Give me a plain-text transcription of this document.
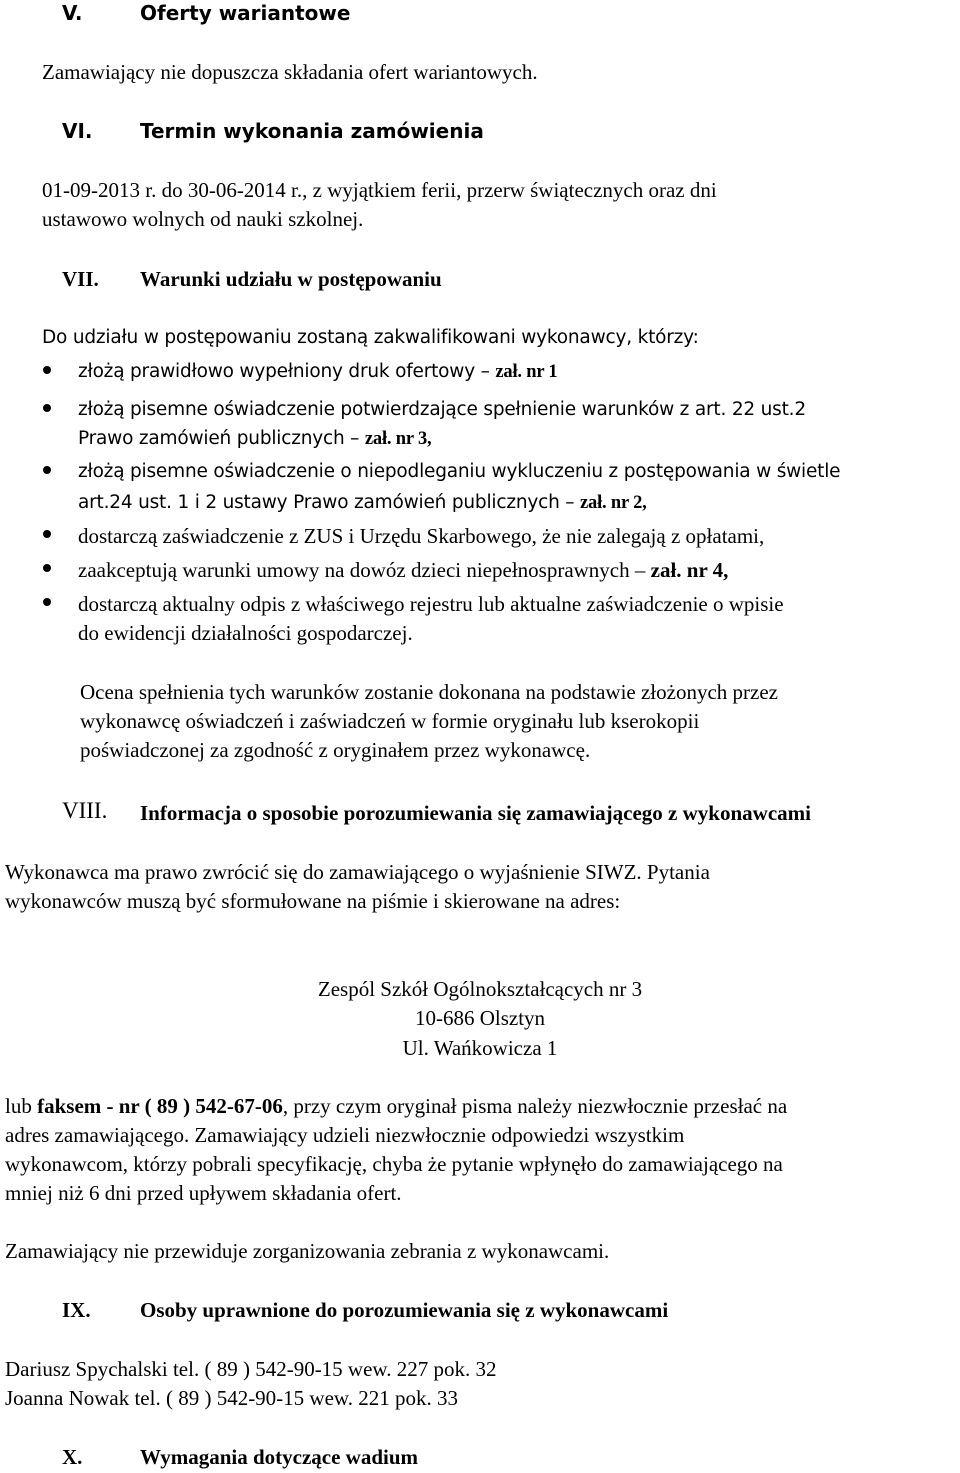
V.	Oferty wariantowe
Zamawiający nie dopuszcza składania ofert wariantowych.
VI. Termin wykonania zamówienia
01-09-2013 r. do 30-06-2014 r., z wyjątkiem ferii, przerw świątecznych oraz dni
ustawowo wolnych od nauki szkolnej.
VII. Warunki udziału w postępowaniu
Do udziału w postępowaniu zostaną zakwalifikowani wykonawcy, którzy:
złożą prawidłowo wypełniony druk ofertowy – zał. nr 1
złożą pisemne oświadczenie potwierdzające spełnienie warunków z art. 22 ust.2
Prawo zamówień publicznych – zał. nr 3,
złożą pisemne oświadczenie o niepodleganiu wykluczeniu z postępowania w świetle
art.24 ust. 1 i 2 ustawy Prawo zamówień publicznych – zał. nr 2,
dostarczą zaświadczenie z ZUS i Urzędu Skarbowego, że nie zalegają z opłatami,
zaakceptują warunki umowy na dowóz dzieci niepełnosprawnych – zał. nr 4,
dostarczą aktualny odpis z właściwego rejestru lub aktualne zaświadczenie o wpisie
do ewidencji działalności gospodarczej.
Ocena spełnienia tych warunków zostanie dokonana na podstawie złożonych przez
wykonawcę oświadczeń i zaświadczeń w formie oryginału lub kserokopii
poświadczonej za zgodność z oryginałem przez wykonawcę.
VIII. Informacja o sposobie porozumiewania się zamawiającego z wykonawcami
Wykonawca ma prawo zwrócić się do zamawiającego o wyjaśnienie SIWZ. Pytania
wykonawców muszą być sformułowane na piśmie i skierowane na adres:
Zespól Szkół Ogólnokształcących nr 3
10-686 Olsztyn
Ul. Wańkowicza 1
lub faksem - nr ( 89 ) 542-67-06, przy czym oryginał pisma należy niezwłocznie przesłać na
adres zamawiającego. Zamawiający udzieli niezwłocznie odpowiedzi wszystkim
wykonawcom, którzy pobrali specyfikację, chyba że pytanie wpłynęło do zamawiającego na
mniej niż 6 dni przed upływem składania ofert.
Zamawiający nie przewiduje zorganizowania zebrania z wykonawcami.
IX. Osoby uprawnione do porozumiewania się z wykonawcami
Dariusz Spychalski tel. ( 89 ) 542-90-15 wew. 227 pok. 32
Joanna Nowak tel. ( 89 ) 542-90-15 wew. 221 pok. 33
X.	Wymagania dotyczące wadium
